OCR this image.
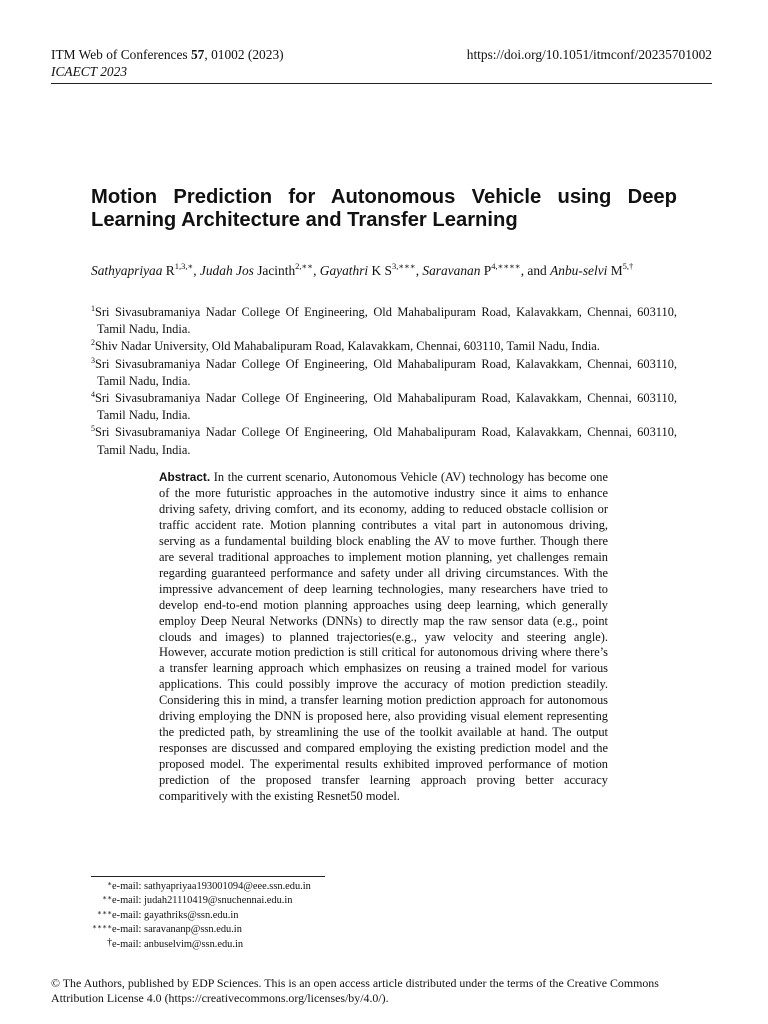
ITM Web of Conferences 57, 01002 (2023)	https://doi.org/10.1051/itmconf/20235701002
ICAECT 2023
Motion Prediction for Autonomous Vehicle using Deep Learning Architecture and Transfer Learning
Sathyapriyaa $R^{1,3,∗}$, Judah Jos Jacinth$^{2,∗∗}$, Gayathri K $S^{3,∗∗∗}$, Saravanan $P^{4,∗∗∗∗}$, and Anbu-selvi $M^{5,\dagger}$
$^1$Sri Sivasubramaniya Nadar College Of Engineering, Old Mahabalipuram Road, Kalavakkam, Chennai, 603110, Tamil Nadu, India.
$^2$Shiv Nadar University, Old Mahabalipuram Road, Kalavakkam, Chennai, 603110, Tamil Nadu, India.
$^3$Sri Sivasubramaniya Nadar College Of Engineering, Old Mahabalipuram Road, Kalavakkam, Chennai, 603110, Tamil Nadu, India.
$^4$Sri Sivasubramaniya Nadar College Of Engineering, Old Mahabalipuram Road, Kalavakkam, Chennai, 603110, Tamil Nadu, India.
$^5$Sri Sivasubramaniya Nadar College Of Engineering, Old Mahabalipuram Road, Kalavakkam, Chennai, 603110, Tamil Nadu, India.
Abstract. In the current scenario, Autonomous Vehicle (AV) technology has become one of the more futuristic approaches in the automotive industry since it aims to enhance driving safety, driving comfort, and its economy, adding to reduced obstacle collision or traffic accident rate. Motion planning contributes a vital part in autonomous driving, serving as a fundamental building block enabling the AV to move further. Though there are several traditional approaches to implement motion planning, yet challenges remain regarding guaranteed performance and safety under all driving circumstances. With the impressive advancement of deep learning technologies, many researchers have tried to develop end-to-end motion planning approaches using deep learning, which generally employ Deep Neural Networks (DNNs) to directly map the raw sensor data (e.g., point clouds and images) to planned trajectories(e.g., yaw velocity and steering angle). However, accurate motion prediction is still critical for autonomous driving where there’s a transfer learning approach which emphasizes on reusing a trained model for various applications. This could possibly improve the accuracy of motion prediction steadily. Considering this in mind, a transfer learning motion prediction approach for autonomous driving employing the DNN is proposed here, also providing visual element representing the predicted path, by streamlining the use of the toolkit available at hand. The output responses are discussed and compared employing the existing prediction model and the proposed model. The experimental results exhibited improved performance of motion prediction of the proposed transfer learning approach proving better accuracy comparitively with the existing Resnet50 model.
∗ e-mail: sathyapriyaa193001094@eee.ssn.edu.in
∗∗ e-mail: judah21110419@snuchennai.edu.in
∗∗∗ e-mail: gayathriks@ssn.edu.in
∗∗∗∗ e-mail: saravananp@ssn.edu.in
† e-mail: anbuselvim@ssn.edu.in
© The Authors, published by EDP Sciences. This is an open access article distributed under the terms of the Creative Commons Attribution License 4.0 (https://creativecommons.org/licenses/by/4.0/).
